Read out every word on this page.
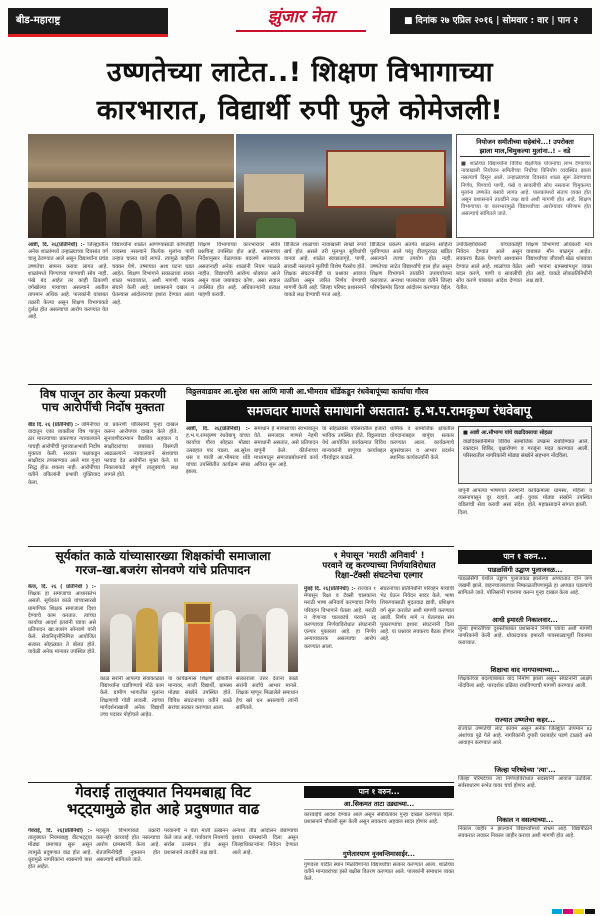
बीड-महाराष्ट्र	झुंजार नेता	■ दिनांक २७ एप्रिल २०१६ | सोमवार : वार | पान २
उष्णतेच्या लाटेत..! शिक्षण विभागाच्या
कारभारात, विद्यार्थी रुपी फुले कोमेजली!
नियोजन समीतीच्या सहेबांचे...! उपरोक्ता
झाला माल,चिमुकल्या मुलांना..! – वडे
■ शाळेच्या विद्यार्थ्यांना विविध शैक्षणिक योजनांचा लाभ देण्याच्या नावाखाली नियोजन समितीच्या निधीचा विनियोग व्यवस्थित झाला नसल्याचे दिसून आले. उन्हाळ्याच्या दिवसांत शाळा सुरू ठेवण्याचा निर्णय, पिण्याचे पाणी, पंखे व सावलीची सोय नसताना चिमुकल्या मुलांना उष्णतेत बसावे लागत आहे. पालकांमध्ये संताप व्यक्त होत असून प्रशासनाने तातडीने लक्ष द्यावे अशी मागणी होत आहे. शिक्षण विभागाच्या या कारभारामुळे विद्यार्थ्यांच्या आरोग्यावर परिणाम होत असल्याचे सांगितले जाते.
आष्टी, दि. २६(प्रतिनिधी) :- जिल्ह्यातील अनेक शाळांमध्ये उन्हाळ्याच्या दिवसांत वर्ग चालू ठेवण्यात आले असून विद्यार्थ्यांना प्रचंड उष्णतेचा सामना करावा लागत आहे. शाळांमध्ये पिण्याच्या पाण्याची सोय नाही, पंखे बंद आहेत तर काही ठिकाणी वर्गखोल्या पत्र्याच्या असल्याने आतील तापमान अधिक आहे. पालकांनी याबाबत तक्रारी केल्या असून शिक्षण विभागाकडे दुर्लक्ष होत असल्याचा आरोप करण्यात येत आहे.
विद्यार्थ्यांना शाळेत आणण्यासाठी कोणतीही व्यवस्था नसल्याने कित्येक मुलांना पायी उन्हात चालत यावे लागते. त्यामुळे काहींना चक्कर येणे, उष्माघात अशा घटना घडत आहेत. शिक्षण विभागाने सकाळच्या सत्रात शाळा भरवाव्यात, अशी मागणी पालक संघाने केली आहे. प्रशासनाने दखल न घेतल्यास आंदोलनाचा इशारा देण्यात आला आहे.
शिक्षण विभागाच्या कारभारावर सर्वत्र प्रश्नचिन्ह उपस्थित होत आहे. शासनाच्या निर्देशानुसार वेळापत्रक बदलणे आवश्यक असतानाही अनेक शाळांनी नियम पाळले नाहीत. विद्यार्थ्यांचे आरोग्य धोक्यात आले असून याला जबाबदार कोण, असा सवाल उपस्थित होत आहे. अधिकाऱ्यांनी प्रत्यक्ष पाहणी करावी.
डिजिटल शाळांच्या नावाखाली लाखो रुपये खर्च होत असले तरी मूलभूत सुविधांची वानवा आहे. शाळेत स्वच्छतागृहे, पाणी, सावली नसल्याने मुलींची विशेष गैरसोय होते. शिक्षक संघटनांनीही या प्रश्नावर आवाज उठविला असून त्वरित निर्णय घेण्याची मागणी केली आहे. जिल्हा परिषद प्रशासनाने याकडे लक्ष देण्याची गरज आहे.
डिजिटल प्रकल्प अंतर्गत शाळांना साहित्य पुरविण्यात आले परंतु वीजपुरवठा खंडित असल्याने त्याचा उपयोग होत नाही. उष्णतेच्या लाटेत विद्यार्थ्यांचे हाल होत असून शिक्षण विभागाने तातडीने उपाययोजना कराव्यात. अन्यथा पालकांच्या वतीने जिल्हा परिषदेसमोर ठिय्या आंदोलन करण्यात येईल.
उपजिल्हाधिकारी यांच्याकडेही निवेदन देण्यात आले असून लवकरच बैठक घेण्याचे आश्वासन देण्यात आले आहे. शाळांच्या वेळेत बदल करणे, पाणी व सावलीची सोय करणे याबाबत आदेश देण्यात येतील.
शिक्षण विभागाचे अधिकारी मात्र याबाबत मौन बाळगून आहेत. विद्यार्थ्यांच्या जीवाशी खेळ थांबवावा अशी भावना ग्रामस्थांमधून व्यक्त होत आहे. याकडे लोकप्रतिनिधींनी लक्ष द्यावे.
विष पाजून ठार केल्या प्रकरणी
पाच आरोपींची निर्दोष मुक्तता
बीड दि. २६ (प्रतिनिधी) :- जमिनीच्या वादातून एका व्यक्तीला विष पाजून ठार मारल्याच्या प्रकरणात न्यायालयाने पाचही आरोपींची पुराव्याअभावी निर्दोष मुक्तता केली. सरकार पक्षाकडून साक्षीदार तपासण्यात आले मात्र गुन्हा सिद्ध होऊ शकला नाही. आरोपींच्या वतीने वकिलांनी प्रभावी युक्तिवाद केला.
या प्रकरणी पोलिसांनी गुन्हा दाखल करून आरोपपत्र दाखल केले होते. सुनावणीदरम्यान वैद्यकीय अहवाल व साक्षीदारांच्या जबाबात विसंगती आढळल्याने न्यायालयाने संशयाचा फायदा देत आरोपींना मुक्त केले. या निकालाकडे संपूर्ण तालुक्याचे लक्ष लागले होते.
विठ्ठलवाडावर आ.सुरेश धस आणि माजी आ.भीमराव धोंडेंकडून रंधवेबापूंच्या कार्याचा गौरव
समजदार माणसे समाधानी असतात: ह.भ.प.रामकृष्ण रंधवेबापू
आष्टी, दि. २६(प्रतिनिधी) :- ह.भ.प.रामकृष्ण रंधवेबापू यांच्या कार्याचा गौरव सोहळा मोठ्या उत्साहात पार पडला. आ.सुरेश धस व माजी आ.भीमराव धोंडे यांच्या उपस्थितीत कार्यक्रम संपन्न झाला.
समाधान हे माणसाच्या स्वभावातून येते. समजदार माणसे नेहमी समाधानी असतात, असे प्रतिपादन बापूंनी केले. कीर्तनाच्या माध्यमातून समाजप्रबोधनाचे कार्य अविरत सुरू आहे.
या सोहळ्यास परिसरातील हजारो भाविक उपस्थित होते. विठ्ठलवाडा येथे आयोजित कार्यक्रमात विविध मान्यवरांनी बापूंच्या कार्याबद्दल गौरवोद्गार काढले.
धार्मिक व सामाजिक क्षेत्रातील योगदानाबद्दल बापूंचा सत्कार करण्यात आला. कार्यक्रमाचे सूत्रसंचालन व आभार प्रदर्शन स्थानिक कार्यकर्त्यांनी केले.
■ आष्टी आ.सौभाग्य यांचे वाढदिवसाचा सोहळा
वाढदिवसानिमित्त विविध सामाजिक उपक्रम राबविण्यात आले. रक्तदान शिबिर, वृक्षारोपण व गरजूंना मदत करण्यात आली. परिसरातील नागरिकांनी मोठ्या संख्येने सहभाग नोंदविला.
बापूंनी आपल्या भाषणात तरुणांनी व्यसनापासून दूर राहावे, आई-वडिलांची सेवा करावी असा संदेश दिला.
कार्यक्रमाला ग्रामस्थ, महिला व युवक मोठ्या संख्येने उपस्थित होते. महाप्रसादाने सांगता झाली.
पान १ वरुन...
पाडळसिंगी उद्घाण पुलाजवळ...
पाडळसिंगी येथील उड्डाण पुलाजवळ झालेल्या अपघातात दोन जण जखमी झाले. वाहनचालकाच्या निष्काळजीपणामुळे हा अपघात घडल्याचे सांगितले जाते. पोलिसांनी पंचनामा करून गुन्हा दाखल केला आहे.
आधी इमारती निकालवार...
जुन्या इमारतींच्या दुरुस्तीबाबत प्रशासनाने निर्णय घ्यावा अशी मागणी नागरिकांनी केली आहे. धोकादायक इमारती पावसाळ्यापूर्वी रिकाम्या कराव्यात.
शिक्षाचा वाद नागपाव्याच्या...
शिक्षकांच्या बदल्यांबाबत वाद निर्माण झाला असून संघटनांनी आक्षेप नोंदविला आहे. पारदर्शक प्रक्रिया राबविण्याची मागणी करण्यात आली.
राज्यात उष्णतेचा कहर...
राज्यात उष्णतेची लाट कायम असून अनेक जिल्ह्यांत तापमान ४३ अंशांच्या पुढे गेले आहे. नागरिकांनी दुपारी घराबाहेर पडणे टाळावे असे आवाहन करण्यात आले.
जिल्हा परिषदेच्या 'त्या'...
जिल्हा परिषदेच्या त्या निर्णयाविरोधात सदस्यांनी आवाज उठविला. सर्वसाधारण सभेत यावर चर्चा होणार आहे.
निकाल न वसल्याच्या...
निकाल जाहीर न झाल्याने विद्यार्थ्यांमध्ये संभ्रम आहे. विद्यापीठाने लवकरात लवकर निकाल जाहीर करावा अशी मागणी होत आहे.
सूर्यकांत काळे यांच्यासारख्या शिक्षकांची समाजाला
गरज–खा.बजरंग सोनवणे यांचे प्रतिपादन
केज, दि. २६ ( प्रतिनिधी ) :- शिक्षक हा समाजाचा आधारस्तंभ असतो. सूर्यकांत काळे यांच्यासारखे प्रामाणिक शिक्षक समाजाला दिशा देण्याचे काम करतात. त्यांच्या कार्याचा आदर्श इतरांनी घ्यावा असे प्रतिपादन खा.बजरंग सोनवणे यांनी केले. सेवानिवृत्तीनिमित्त आयोजित सत्कार सोहळ्यात ते बोलत होते. यावेळी अनेक मान्यवर उपस्थित होते.
काळे सरांनी आपल्या सेवाकाळात विद्यार्थ्यांना घडविण्याचे मोठे काम केले. ग्रामीण भागातील मुलांना शिक्षणाची गोडी लावली. त्यांच्या मार्गदर्शनाखाली अनेक विद्यार्थी उच्च पदावर पोहोचले आहेत.
या कार्यक्रमास शिक्षण क्षेत्रातील मान्यवर, माजी विद्यार्थी, ग्रामस्थ मोठ्या संख्येने उपस्थित होते. विविध संघटनांच्या वतीने काळे सरांचा सत्कार करण्यात आला.
सत्काराला उत्तर देताना काळे सरांनी सर्वांचे आभार मानले. शिक्षक म्हणून मिळालेले समाधान हेच खरे धन असल्याचे त्यांनी सांगितले.
१ मेपासून 'मराठी अनिवार्य' !
परवाने रद्द करण्याच्या निर्णयाविरोधात
रिक्षा–टॅक्सी संघटनेचा एल्गार
मुंबई दि. २६(प्रतिनिधी) :- राज्यात १ मेपासून रिक्षा व टॅक्सी चालकांना मराठी भाषा अनिवार्य करण्याचा निर्णय परिवहन विभागाने घेतला आहे. मराठी न येणाऱ्या चालकांचे परवाने रद्द करण्याच्या निर्णयाविरोधात संघटनांनी एल्गार पुकारला आहे. हा निर्णय अन्यायकारक असल्याचा आरोप करण्यात आला.
संघटनांच्या प्रतिनिधींनी परिवहन मंत्र्यांची भेट घेऊन निवेदन सादर केले. भाषा शिकण्यासाठी मुदतवाढ द्यावी, प्रशिक्षण वर्ग सुरू करावेत अशी मागणी करण्यात आली. निर्णय मागे न घेतल्यास संप पुकारण्याचा इशारा संघटनांनी दिला आहे. या प्रश्नावर लवकरच बैठक होणार आहे.
गेवराई तालुक्यात नियमबाह्य विट
भट्ट्यामुळे होत आहे प्रदुषणात वाढ
गेवराई, दि. २६(प्रतिनिधी) :- तालुक्यात नियमबाह्य वीटभट्ट्या मोठ्या प्रमाणात सुरू असून त्यामुळे प्रदूषणात वाढ होत आहे. धुरामुळे नागरिकांना श्वसनाचे त्रास होत आहेत.
महसूल विभागाकडे तक्रारी करूनही कारवाई होत नसल्याचा आरोप ग्रामस्थांनी केला आहे. शेतजमिनीचेही नुकसान होत असल्याचे सांगितले जाते.
परवानगी न घेता माती उत्खनन केले जात आहे. पर्यावरण नियमांचे सर्रास उल्लंघन होत असून प्रशासनाने तातडीने लक्ष द्यावे.
अन्यथा तीव्र आंदोलन छेडण्याचा इशारा ग्रामस्थांनी दिला असून जिल्हाधिकाऱ्यांना निवेदन देण्यात आले आहे.
पान १ वरुन...
आ.सिकमत ताटा उड्याच्या...
कारवाईचे आदेश देण्यात आले असून संबंधितांवर गुन्हा दाखल करण्यात येईल. प्रशासनाने चौकशी सुरू केली असून लवकरच अहवाल सादर होणार आहे.
गुणेतारयाण नूनवन्तिमासाईर...
गुणवत्ता यादीत स्थान मिळविणाऱ्या विद्यार्थ्यांचा सत्कार करण्यात आला. शाळेच्या वतीने मान्यवरांच्या हस्ते बक्षीस वितरण करण्यात आले. पालकांनी समाधान व्यक्त केले.
